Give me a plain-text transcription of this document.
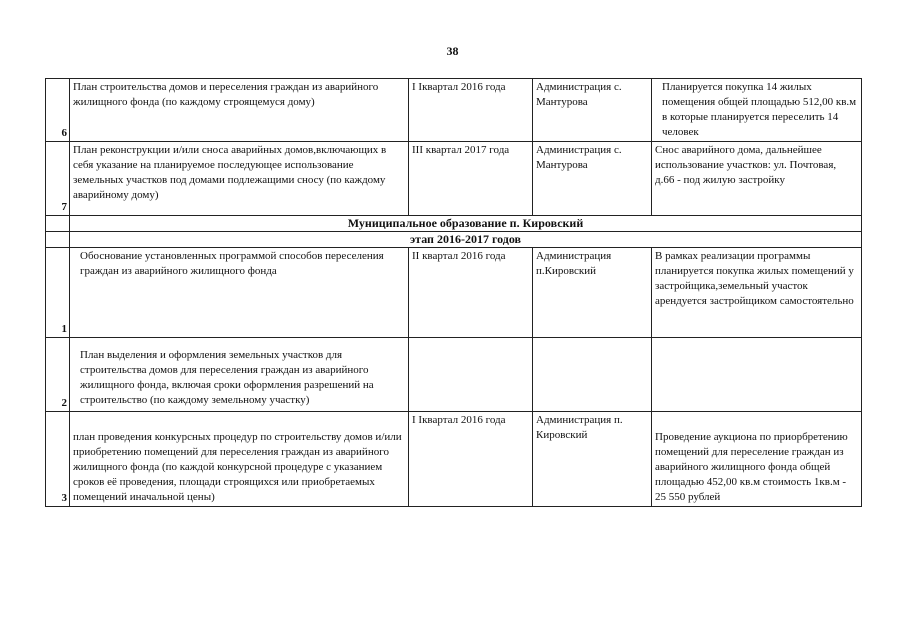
38
6	План строительства домов и переселения граждан из аварийного жилищного фонда (по каждому строящемуся дому)	I Iквартал 2016 года	Администрация с. Мантурова	Планируется покупка 14 жилых помещения общей площадью 512,00 кв.м в которые планируется переселить 14 человек
7	План реконструкции и/или сноса аварийных домов,включающих в себя указание на планируемое последующее использование земельных участков под домами подлежащими сносу (по каждому аварийному дому)	III квартал 2017 года	Администрация с. Мантурова	Снос аварийного дома, дальнейшее использование участков: ул. Почтовая, д.66 - под жилую застройку
	Муниципальное образование п. Кировский			
	этап 2016-2017 годов			
1	Обоснование установленных программой способов переселения граждан из аварийного жилищного фонда	II квартал 2016 года	Администрация п.Кировский	В рамках реализации программы планируется покупка жилых помещений у застройщика,земельный участок арендуется застройщиком самостоятельно
2	План выделения и оформления земельных участков для строительства домов для переселения граждан из аварийного жилищного фонда, включая сроки оформления разрешений на строительство (по каждому земельному участку)			
3	план проведения конкурсных процедур по строительству домов и/или приобретению помещений для переселения граждан из аварийного жилищного фонда (по каждой конкурсной процедуре с указанием сроков её проведения, площади строящихся или приобретаемых помещений иначальной цены)	I Iквартал 2016 года	Администрация п. Кировский	Проведение аукциона по приорбретению помещений для переселение граждан из аварийного жилищного фонда общей площадью 452,00 кв.м стоимость 1кв.м - 25 550 рублей
